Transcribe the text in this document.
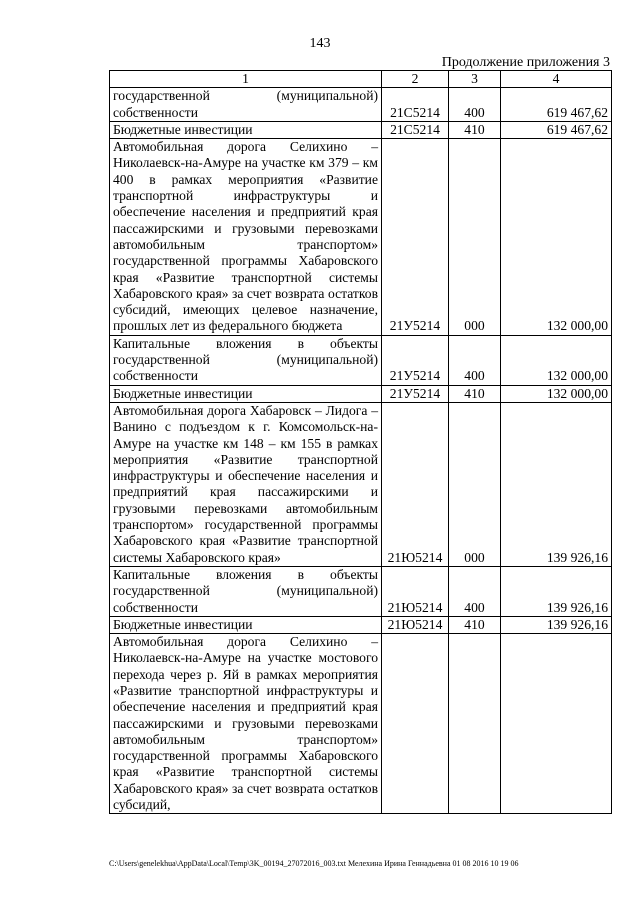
143
Продолжение приложения 3
1	2	3	4
государственной (муниципальной) собственности	21С5214	400	619 467,62
Бюджетные инвестиции	21С5214	410	619 467,62
Автомобильная дорога Селихино – Николаевск-на-Амуре на участке км 379 – км 400 в рамках мероприятия «Развитие транспортной инфраструктуры и обеспечение населения и предприятий края пассажирскими и грузовыми перевозками автомобильным транспортом» государственной программы Хабаровского края «Развитие транспортной системы Хабаровского края» за счет возврата остатков субсидий, имеющих целевое назначение, прошлых лет из федерального бюджета	21У5214	000	132 000,00
Капитальные вложения в объекты государственной (муниципальной) собственности	21У5214	400	132 000,00
Бюджетные инвестиции	21У5214	410	132 000,00
Автомобильная дорога Хабаровск – Лидога – Ванино с подъездом к г. Комсомольск-на-Амуре на участке км 148 – км 155 в рамках мероприятия «Развитие транспортной инфраструктуры и обеспечение населения и предприятий края пассажирскими и грузовыми перевозками автомобильным транспортом» государственной программы Хабаровского края «Развитие транспортной системы Хабаровского края»	21Ю5214	000	139 926,16
Капитальные вложения в объекты государственной (муниципальной) собственности	21Ю5214	400	139 926,16
Бюджетные инвестиции	21Ю5214	410	139 926,16
Автомобильная дорога Селихино – Николаевск-на-Амуре на участке мостового перехода через р. Яй в рамках мероприятия «Развитие транспортной инфраструктуры и обеспечение населения и предприятий края пассажирскими и грузовыми перевозками автомобильным транспортом» государственной программы Хабаровского края «Развитие транспортной системы Хабаровского края» за счет возврата остатков субсидий,			
C:\Users\genelekhua\AppData\Local\Temp\3K_00194_27072016_003.txt Мелехина Ирина Геннадьевна 01 08 2016 10 19 06
